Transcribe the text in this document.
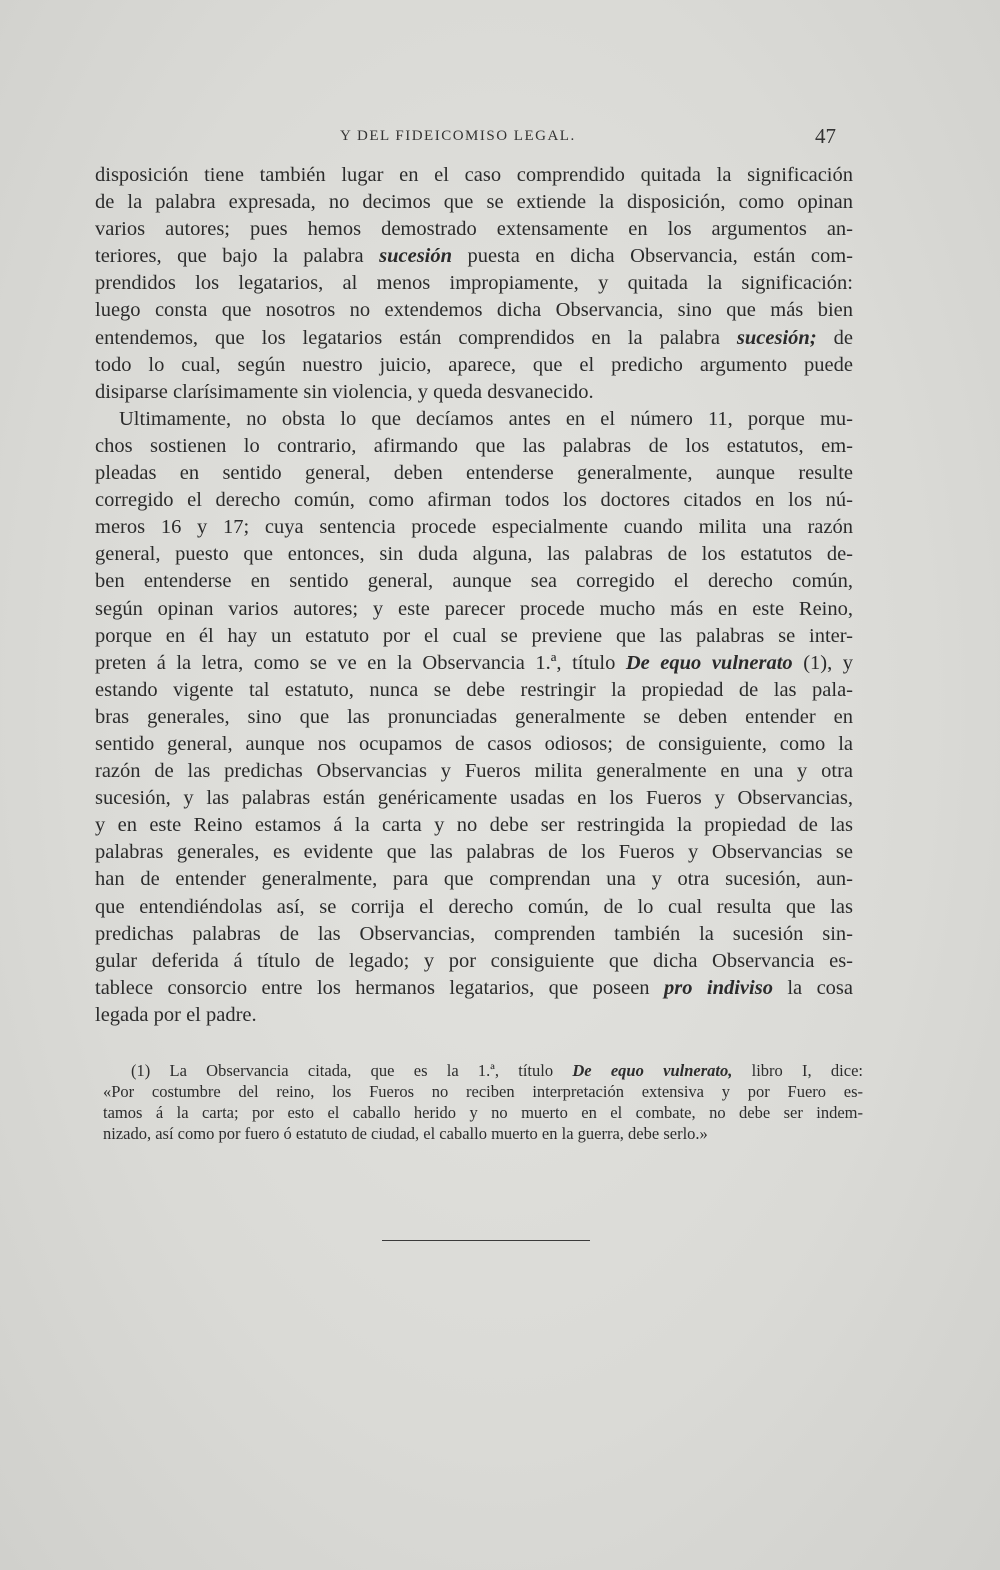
Y DEL FIDEICOMISO LEGAL.	47

disposición tiene también lugar en el caso comprendido quitada la significación
de la palabra expresada, no decimos que se extiende la disposición, como opinan
varios autores; pues hemos demostrado extensamente en los argumentos an-
teriores, que bajo la palabra sucesión puesta en dicha Observancia, están com-
prendidos los legatarios, al menos impropiamente, y quitada la significación:
luego consta que nosotros no extendemos dicha Observancia, sino que más bien
entendemos, que los legatarios están comprendidos en la palabra sucesión; de
todo lo cual, según nuestro juicio, aparece, que el predicho argumento puede
disiparse clarísimamente sin violencia, y queda desvanecido.

Ultimamente, no obsta lo que decíamos antes en el número 11, porque mu-
chos sostienen lo contrario, afirmando que las palabras de los estatutos, em-
pleadas en sentido general, deben entenderse generalmente, aunque resulte
corregido el derecho común, como afirman todos los doctores citados en los nú-
meros 16 y 17; cuya sentencia procede especialmente cuando milita una razón
general, puesto que entonces, sin duda alguna, las palabras de los estatutos de-
ben entenderse en sentido general, aunque sea corregido el derecho común,
según opinan varios autores; y este parecer procede mucho más en este Reino,
porque en él hay un estatuto por el cual se previene que las palabras se inter-
preten á la letra, como se ve en la Observancia 1.ª, título De equo vulnerato (1), y
estando vigente tal estatuto, nunca se debe restringir la propiedad de las pala-
bras generales, sino que las pronunciadas generalmente se deben entender en
sentido general, aunque nos ocupamos de casos odiosos; de consiguiente, como la
razón de las predichas Observancias y Fueros milita generalmente en una y otra
sucesión, y las palabras están genéricamente usadas en los Fueros y Observancias,
y en este Reino estamos á la carta y no debe ser restringida la propiedad de las
palabras generales, es evidente que las palabras de los Fueros y Observancias se
han de entender generalmente, para que comprendan una y otra sucesión, aun-
que entendiéndolas así, se corrija el derecho común, de lo cual resulta que las
predichas palabras de las Observancias, comprenden también la sucesión sin-
gular deferida á título de legado; y por consiguiente que dicha Observancia es-
tablece consorcio entre los hermanos legatarios, que poseen pro indiviso la cosa
legada por el padre.

(1) La Observancia citada, que es la 1.ª, título De equo vulnerato, libro I, dice:
«Por costumbre del reino, los Fueros no reciben interpretación extensiva y por Fuero es-
tamos á la carta; por esto el caballo herido y no muerto en el combate, no debe ser indem-
nizado, así como por fuero ó estatuto de ciudad, el caballo muerto en la guerra, debe serlo.»
